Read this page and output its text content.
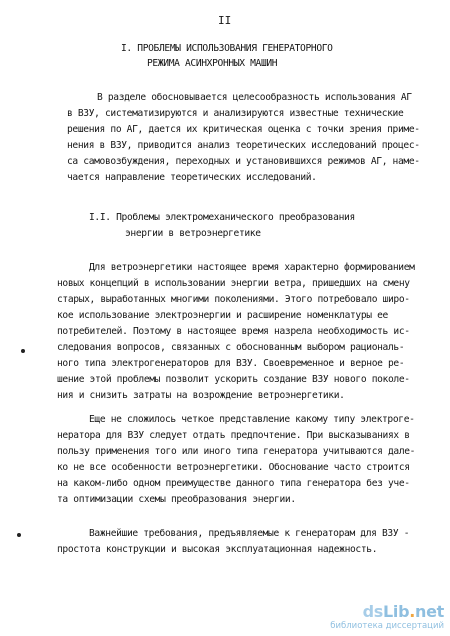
II
I. ПРОБЛЕМЫ ИСПОЛЬЗОВАНИЯ ГЕНЕРАТОРНОГО
РЕЖИМА АСИНХРОННЫХ МАШИН
В разделе обосновывается целесообразность использования АГ
в ВЗУ, систематизируются и анализируются известные технические
решения по АГ, дается их критическая оценка с точки зрения приме-
нения в ВЗУ, приводится анализ теоретических исследований процес-
са самовозбуждения, переходных и установившихся режимов АГ, наме-
чается направление теоретических исследований.
I.I. Проблемы электромеханического преобразования
энергии в ветроэнергетике
Для ветроэнергетики настоящее время характерно формированием
новых концепций в использовании энергии ветра, пришедших на смену
старых, выработанных многими поколениями. Этого потребовало широ-
кое использование электроэнергии и расширение номенклатуры ее
потребителей. Поэтому в настоящее время назрела необходимость ис-
следования вопросов, связанных с обоснованным выбором рациональ-
ного типа электрогенераторов для ВЗУ. Своевременное и верное ре-
шение этой проблемы позволит ускорить создание ВЗУ нового поколе-
ния и снизить затраты на возрождение ветроэнергетики.
Еще не сложилось четкое представление какому типу электроге-
нератора для ВЗУ следует отдать предпочтение. При высказываниях в
пользу применения того или иного типа генератора учитываются дале-
ко не все особенности ветроэнергетики. Обоснование часто строится
на каком-либо одном преимуществе данного типа генератора без уче-
та оптимизации схемы преобразования энергии.
Важнейшие требования, предъявляемые к генераторам для ВЗУ -
простота конструкции и высокая эксплуатационная надежность.
dsLib.net
библиотека диссертаций
